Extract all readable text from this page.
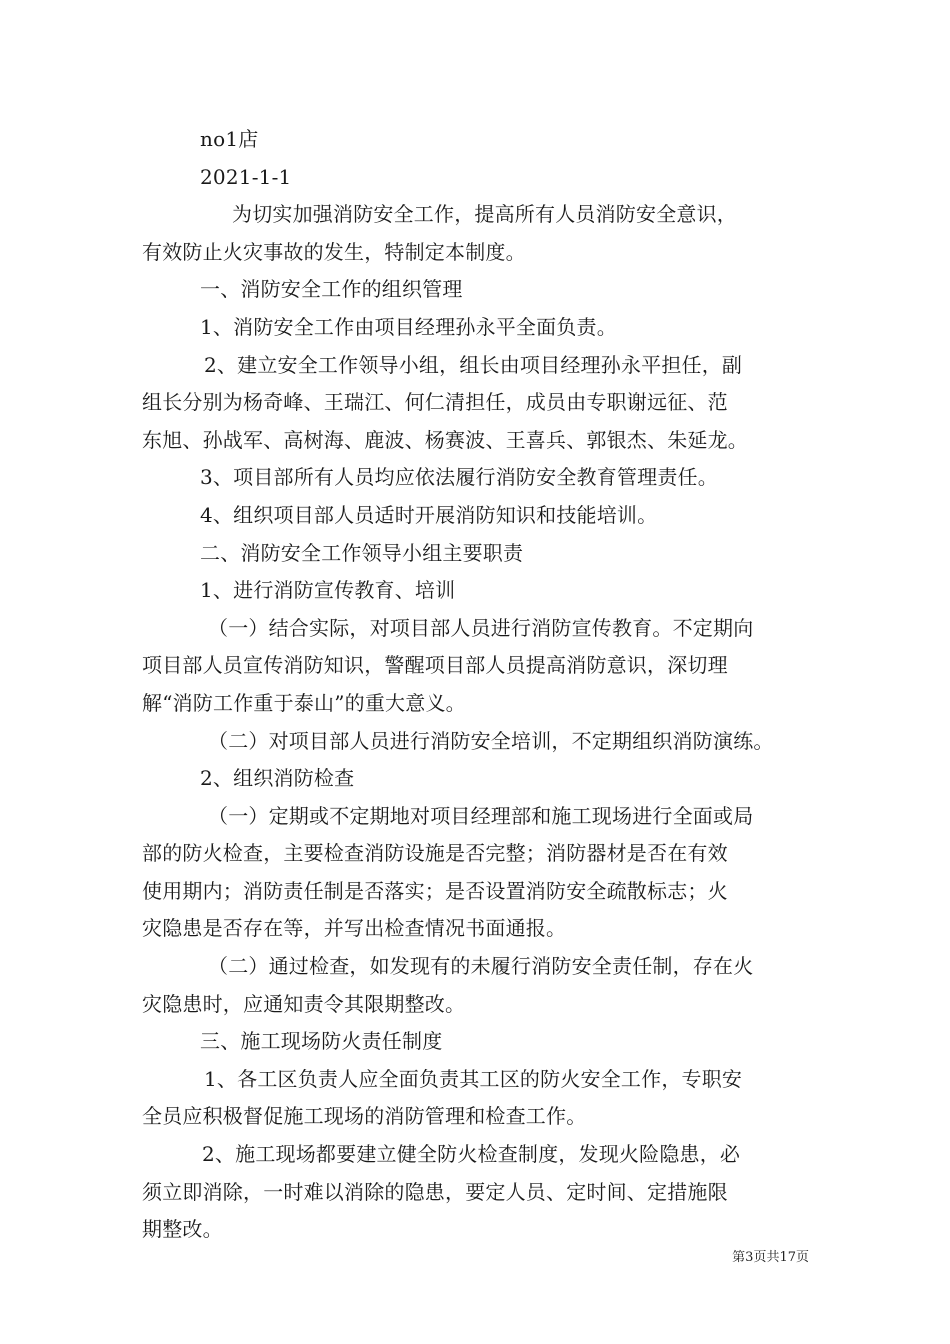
no1店
2021-1-1
为切实加强消防安全工作，提高所有人员消防安全意识，
有效防止火灾事故的发生，特制定本制度。
一、消防安全工作的组织管理
1、消防安全工作由项目经理孙永平全面负责。
2、建立安全工作领导小组，组长由项目经理孙永平担任，副
组长分别为杨奇峰、王瑞江、何仁清担任，成员由专职谢远征、范
东旭、孙战军、高树海、鹿波、杨赛波、王喜兵、郭银杰、朱延龙。
3、项目部所有人员均应依法履行消防安全教育管理责任。
4、组织项目部人员适时开展消防知识和技能培训。
二、消防安全工作领导小组主要职责
1、进行消防宣传教育、培训
（一）结合实际，对项目部人员进行消防宣传教育。不定期向
项目部人员宣传消防知识，警醒项目部人员提高消防意识，深切理
解“消防工作重于泰山”的重大意义。
（二）对项目部人员进行消防安全培训，不定期组织消防演练。
2、组织消防检查
（一）定期或不定期地对项目经理部和施工现场进行全面或局
部的防火检查，主要检查消防设施是否完整；消防器材是否在有效
使用期内；消防责任制是否落实；是否设置消防安全疏散标志；火
灾隐患是否存在等，并写出检查情况书面通报。
（二）通过检查，如发现有的未履行消防安全责任制，存在火
灾隐患时，应通知责令其限期整改。
三、施工现场防火责任制度
1、各工区负责人应全面负责其工区的防火安全工作，专职安
全员应积极督促施工现场的消防管理和检查工作。
2、施工现场都要建立健全防火检查制度，发现火险隐患，必
须立即消除，一时难以消除的隐患，要定人员、定时间、定措施限
期整改。
第3页共17页
